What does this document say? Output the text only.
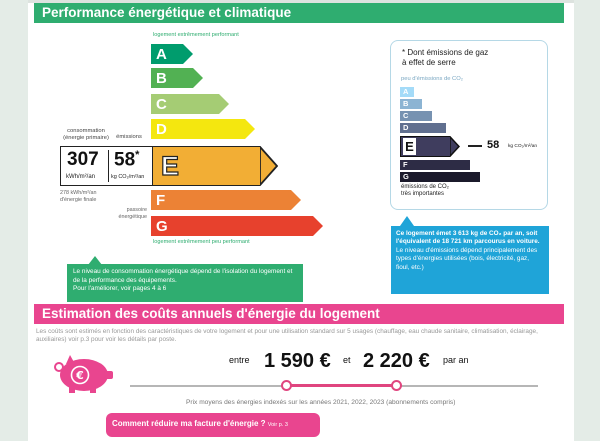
Performance énergétique et climatique
logement extrêmement performant
A
B
C
D
consommation
(énergie primaire)	émissions
307
kWh/m²/an
58*
kg CO₂/m²/an E
278 kWh/m²/an
d'énergie finale
passoire
énergétique
F
G
logement extrêmement peu performant
Le niveau de consommation énergétique dépend de l'isolation du logement et de la performance des équipements.
Pour l'améliorer, voir pages 4 à 6
* Dont émissions de gaz
à effet de serre
peu d'émissions de CO₂
A
B
C
D
E	58 kg CO₂/m²/an
F
G
émissions de CO₂
très importantes
Ce logement émet 3 613 kg de CO₂ par an, soit l'équivalent de 18 721 km parcourus en voiture.
Le niveau d'émissions dépend principalement des types d'énergies utilisées (bois, électricité, gaz, fioul, etc.)
Estimation des coûts annuels d'énergie du logement
Les coûts sont estimés en fonction des caractéristiques de votre logement et pour une utilisation standard sur 5 usages (chauffage, eau chaude sanitaire, climatisation, éclairage, auxiliaires) voir p.3 pour voir les détails par poste.
€
entre 1 590 € et 2 220 € par an
Prix moyens des énergies indexés sur les années 2021, 2022, 2023 (abonnements compris)
Comment réduire ma facture d'énergie ? Voir p. 3
